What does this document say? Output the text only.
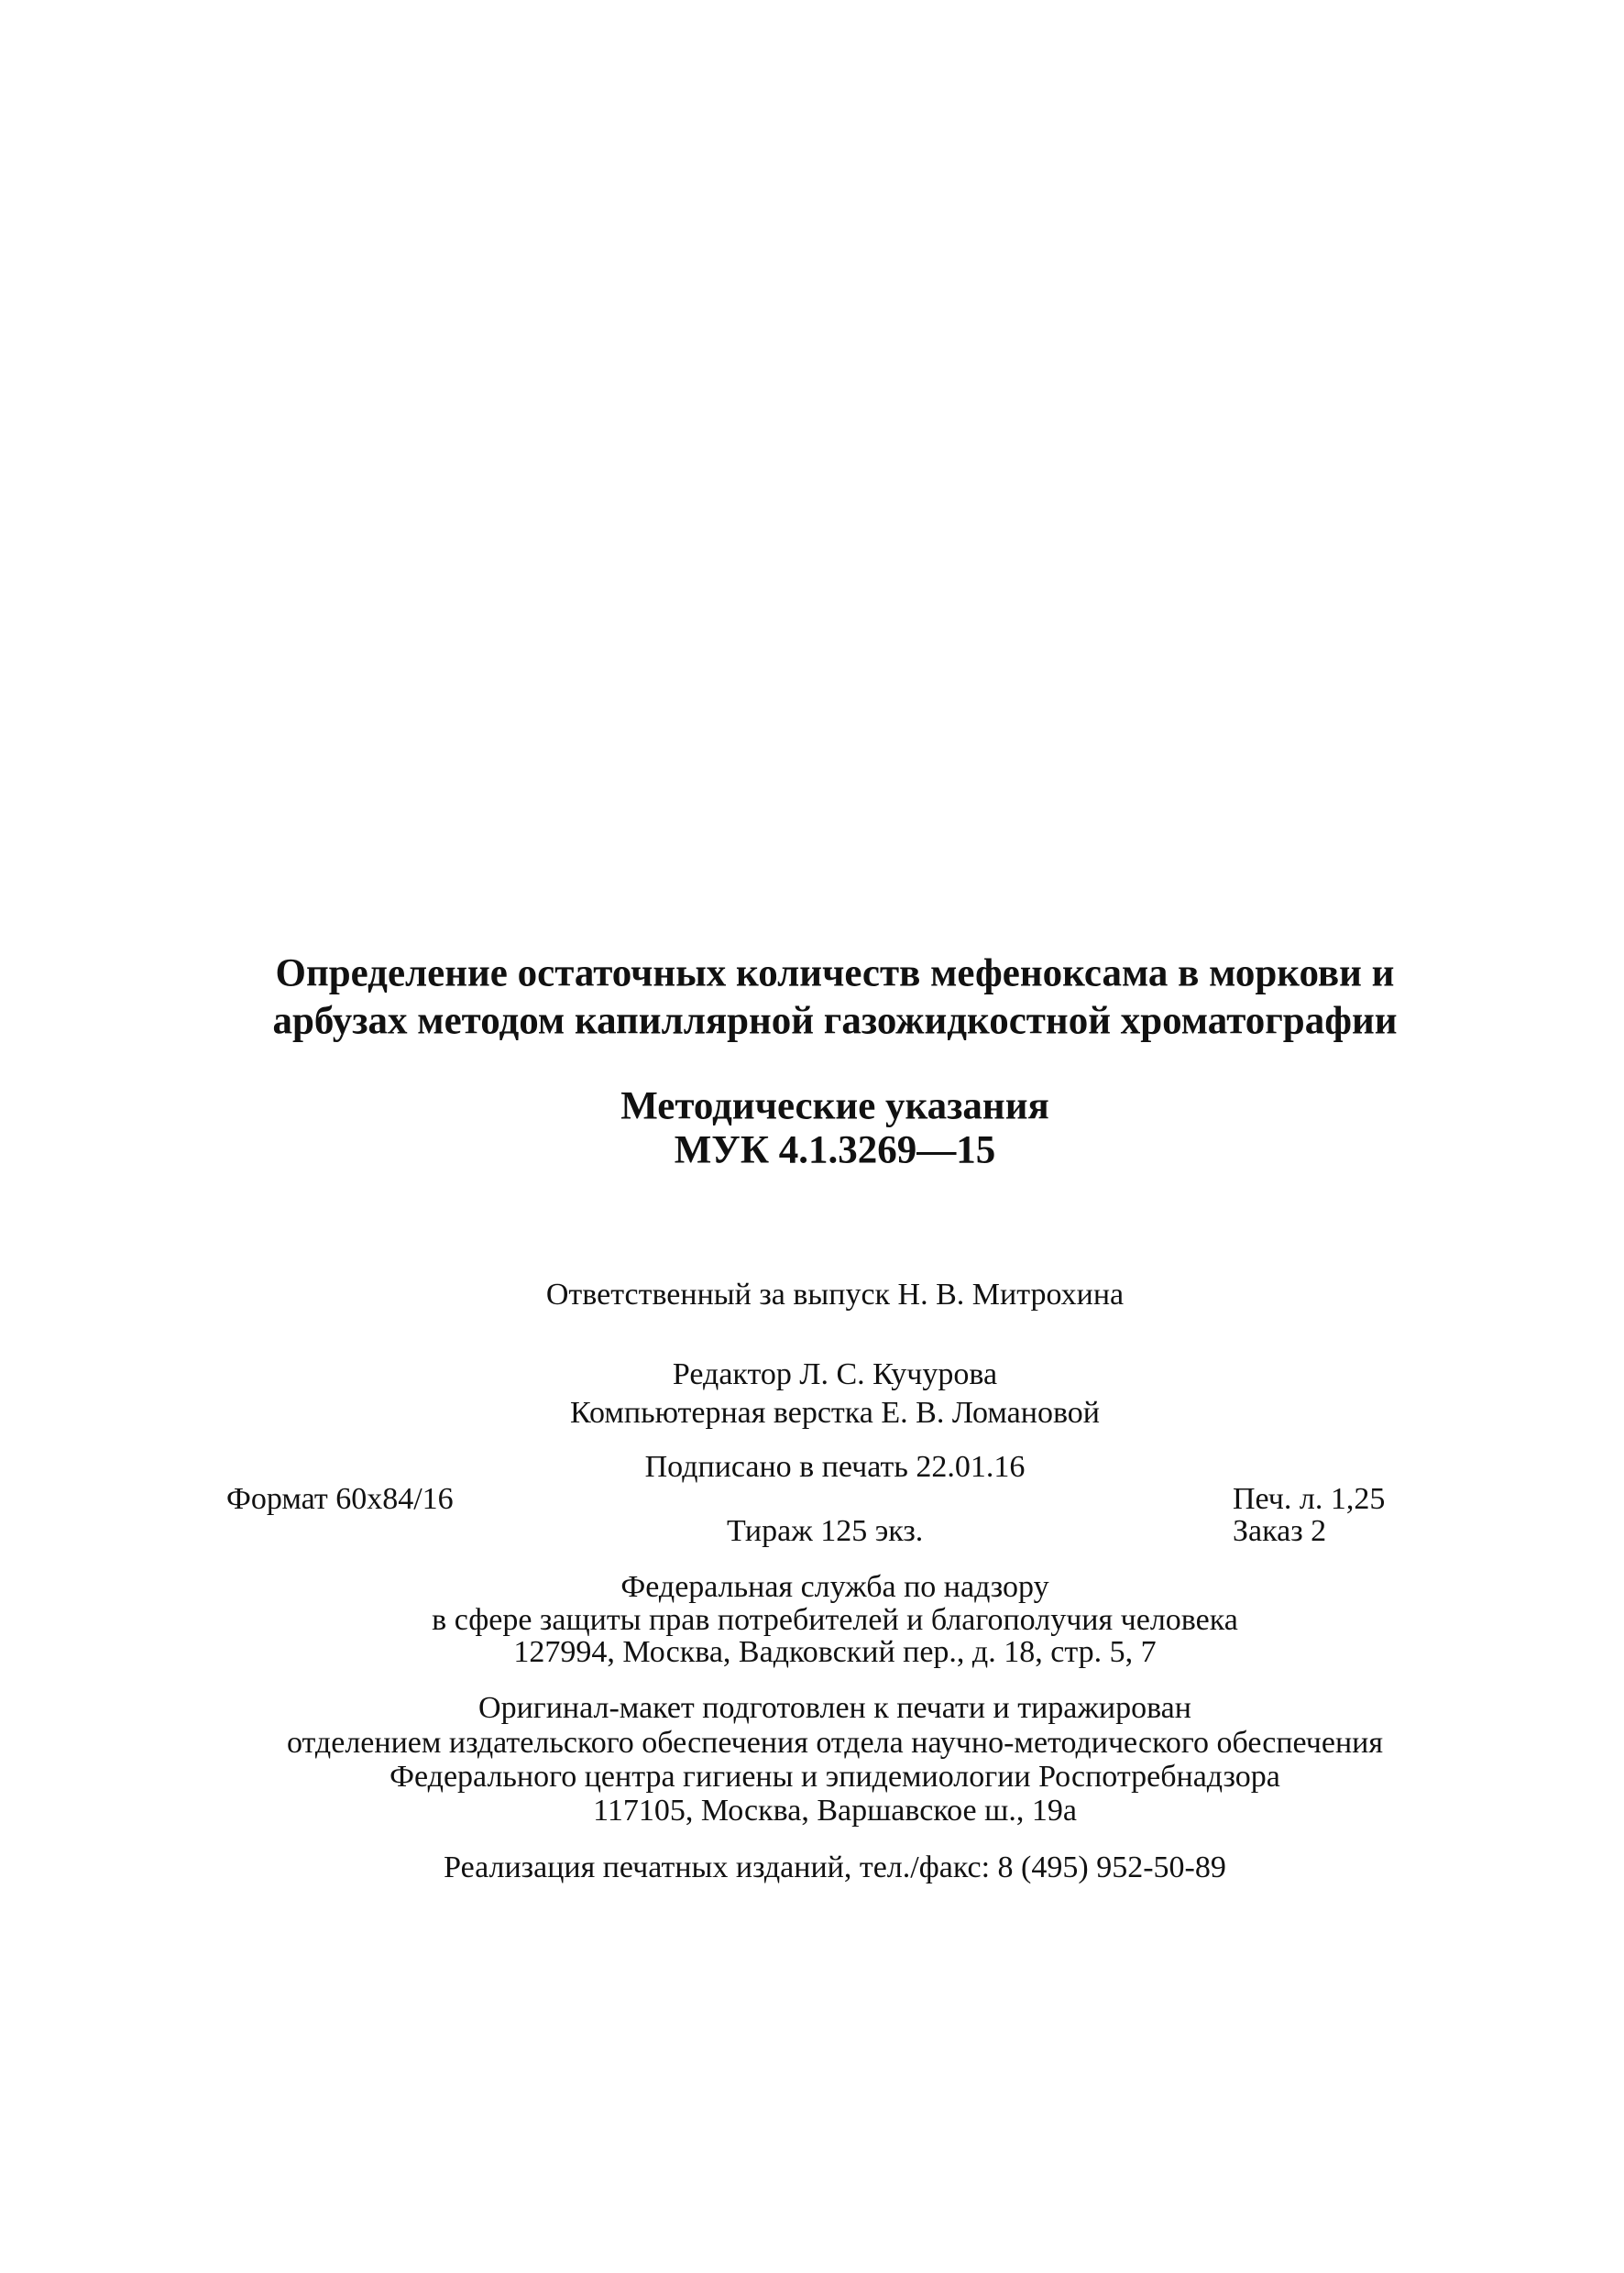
Определение остаточных количеств мефеноксама в моркови и
арбузах методом капиллярной газожидкостной хроматографии
Методические указания
МУК 4.1.3269—15
Ответственный за выпуск Н. В. Митрохина
Редактор Л. С. Кучурова
Компьютерная верстка Е. В. Ломановой
Подписано в печать 22.01.16
Формат 60x84/16	Печ. л. 1,25
Тираж 125 экз.	Заказ 2
Федеральная служба по надзору
в сфере защиты прав потребителей и благополучия человека
127994, Москва, Вадковский пер., д. 18, стр. 5, 7
Оригинал-макет подготовлен к печати и тиражирован
отделением издательского обеспечения отдела научно-методического обеспечения
Федерального центра гигиены и эпидемиологии Роспотребнадзора
117105, Москва, Варшавское ш., 19а
Реализация печатных изданий, тел./факс: 8 (495) 952-50-89
